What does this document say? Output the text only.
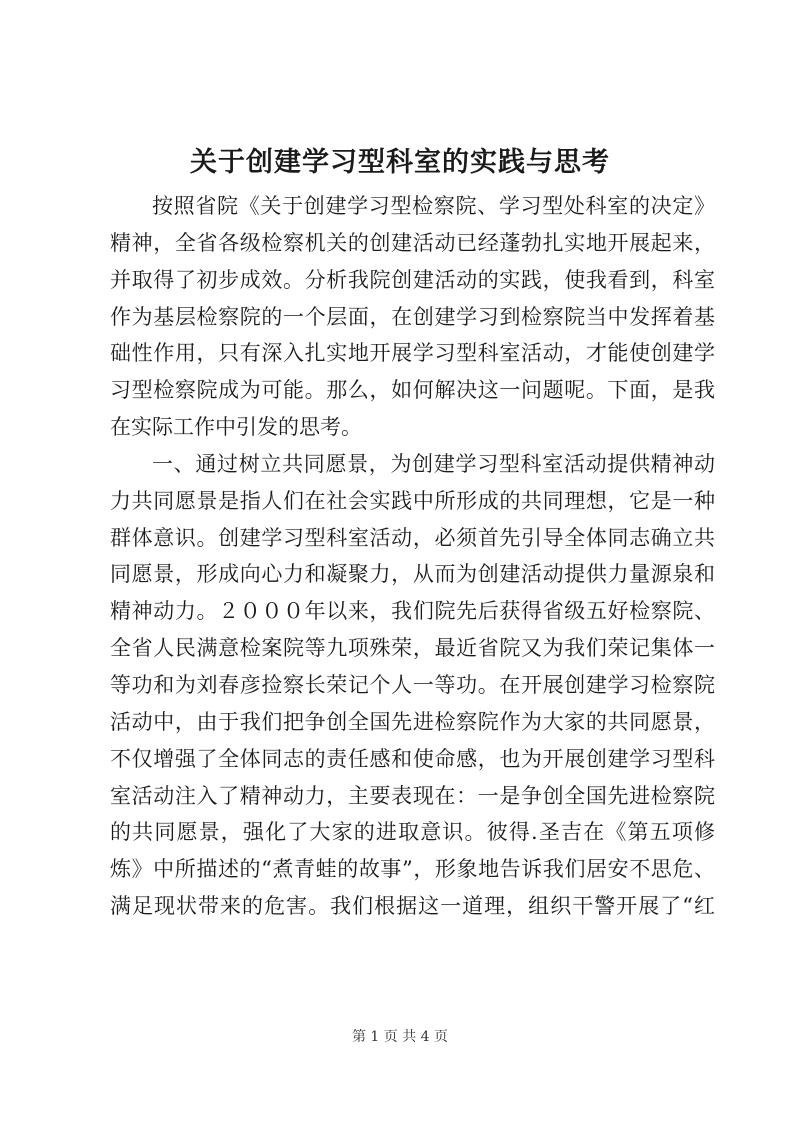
关于创建学习型科室的实践与思考
按照省院《关于创建学习型检察院、学习型处科室的决定》
精神，全省各级检察机关的创建活动已经蓬勃扎实地开展起来，
并取得了初步成效。分析我院创建活动的实践，使我看到，科室
作为基层检察院的一个层面，在创建学习到检察院当中发挥着基
础性作用，只有深入扎实地开展学习型科室活动，才能使创建学
习型检察院成为可能。那么，如何解决这一问题呢。下面，是我
在实际工作中引发的思考。
一、通过树立共同愿景，为创建学习型科室活动提供精神动
力共同愿景是指人们在社会实践中所形成的共同理想，它是一种
群体意识。创建学习型科室活动，必须首先引导全体同志确立共
同愿景，形成向心力和凝聚力，从而为创建活动提供力量源泉和
精神动力。２０００年以来，我们院先后获得省级五好检察院、
全省人民满意检案院等九项殊荣，最近省院又为我们荣记集体一
等功和为刘春彦捡察长荣记个人一等功。在开展创建学习检察院
活动中，由于我们把争创全国先进检察院作为大家的共同愿景，
不仅增强了全体同志的责任感和使命感，也为开展创建学习型科
室活动注入了精神动力，主要表现在：一是争创全国先进检察院
的共同愿景，强化了大家的进取意识。彼得.圣吉在《第五项修
炼》中所描述的“煮青蛙的故事”，形象地告诉我们居安不思危、
满足现状带来的危害。我们根据这一道理，组织干警开展了“红
第 1 页 共 4 页
